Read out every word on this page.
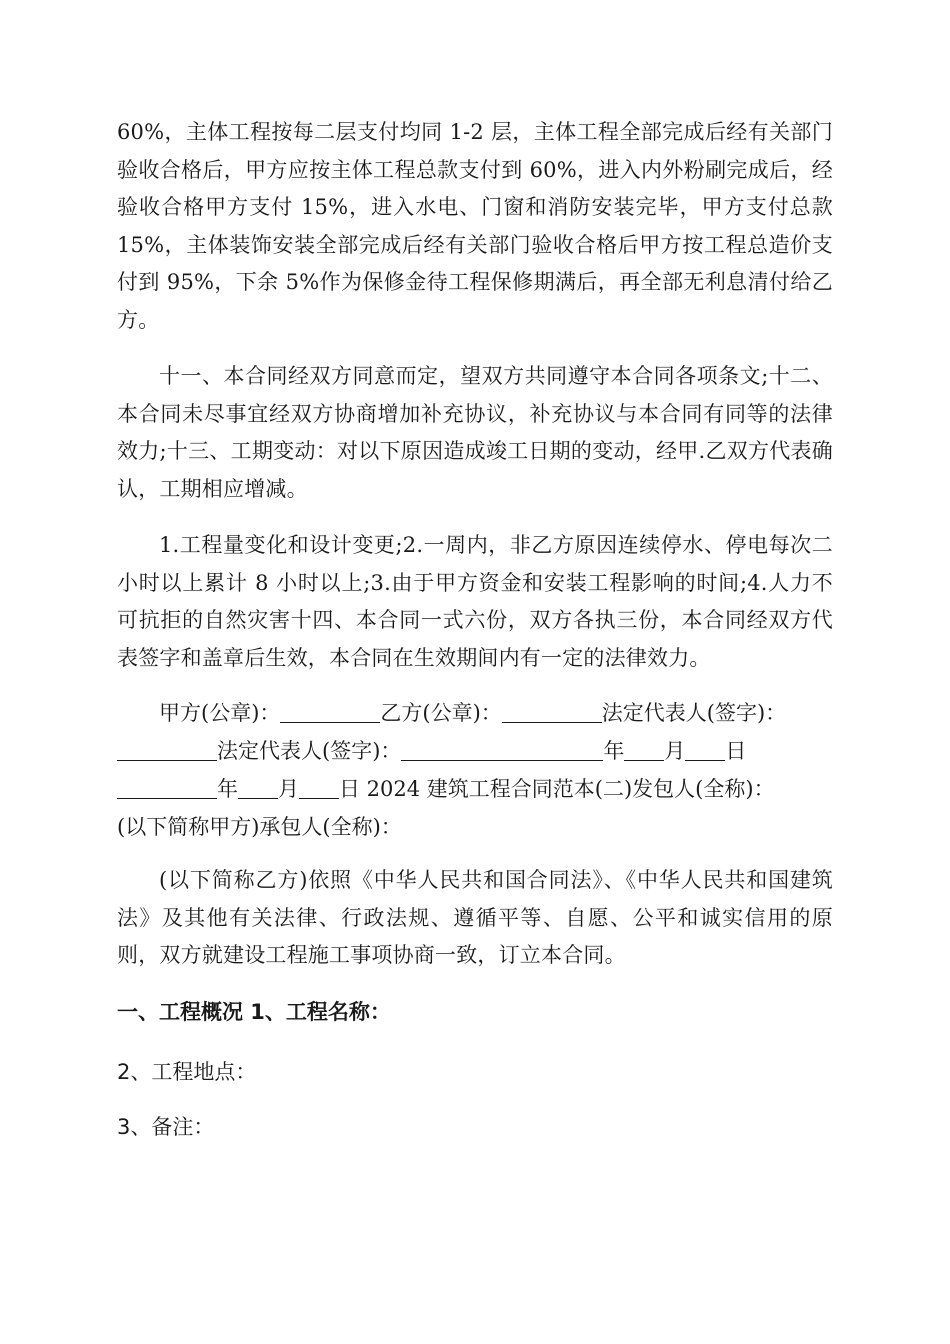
60%，主体工程按每二层支付均同 1-2 层，主体工程全部完成后经有关部门验收合格后，甲方应按主体工程总款支付到 60%，进入内外粉刷完成后，经验收合格甲方支付 15%，进入水电、门窗和消防安装完毕，甲方支付总款 15%，主体装饰安装全部完成后经有关部门验收合格后甲方按工程总造价支付到 95%，下余 5%作为保修金待工程保修期满后，再全部无利息清付给乙方。

十一、本合同经双方同意而定，望双方共同遵守本合同各项条文;十二、本合同未尽事宜经双方协商增加补充协议，补充协议与本合同有同等的法律效力;十三、工期变动：对以下原因造成竣工日期的变动，经甲.乙双方代表确认，工期相应增减。

1.工程量变化和设计变更;2.一周内，非乙方原因连续停水、停电每次二小时以上累计 8 小时以上;3.由于甲方资金和安装工程影响的时间;4.人力不可抗拒的自然灾害十四、本合同一式六份，双方各执三份，本合同经双方代表签字和盖章后生效，本合同在生效期间内有一定的法律效力。

甲方(公章)：	乙方(公章)：	法定代表人(签字)：
法定代表人(签字)：	年 月 日
年 月 日 2024 建筑工程合同范本(二)发包人(全称)：
(以下简称甲方)承包人(全称)：

(以下简称乙方)依照《中华人民共和国合同法》、《中华人民共和国建筑法》及其他有关法律、行政法规、遵循平等、自愿、公平和诚实信用的原则，双方就建设工程施工事项协商一致，订立本合同。

一、工程概况 1、工程名称：

2、工程地点：

3、备注：
